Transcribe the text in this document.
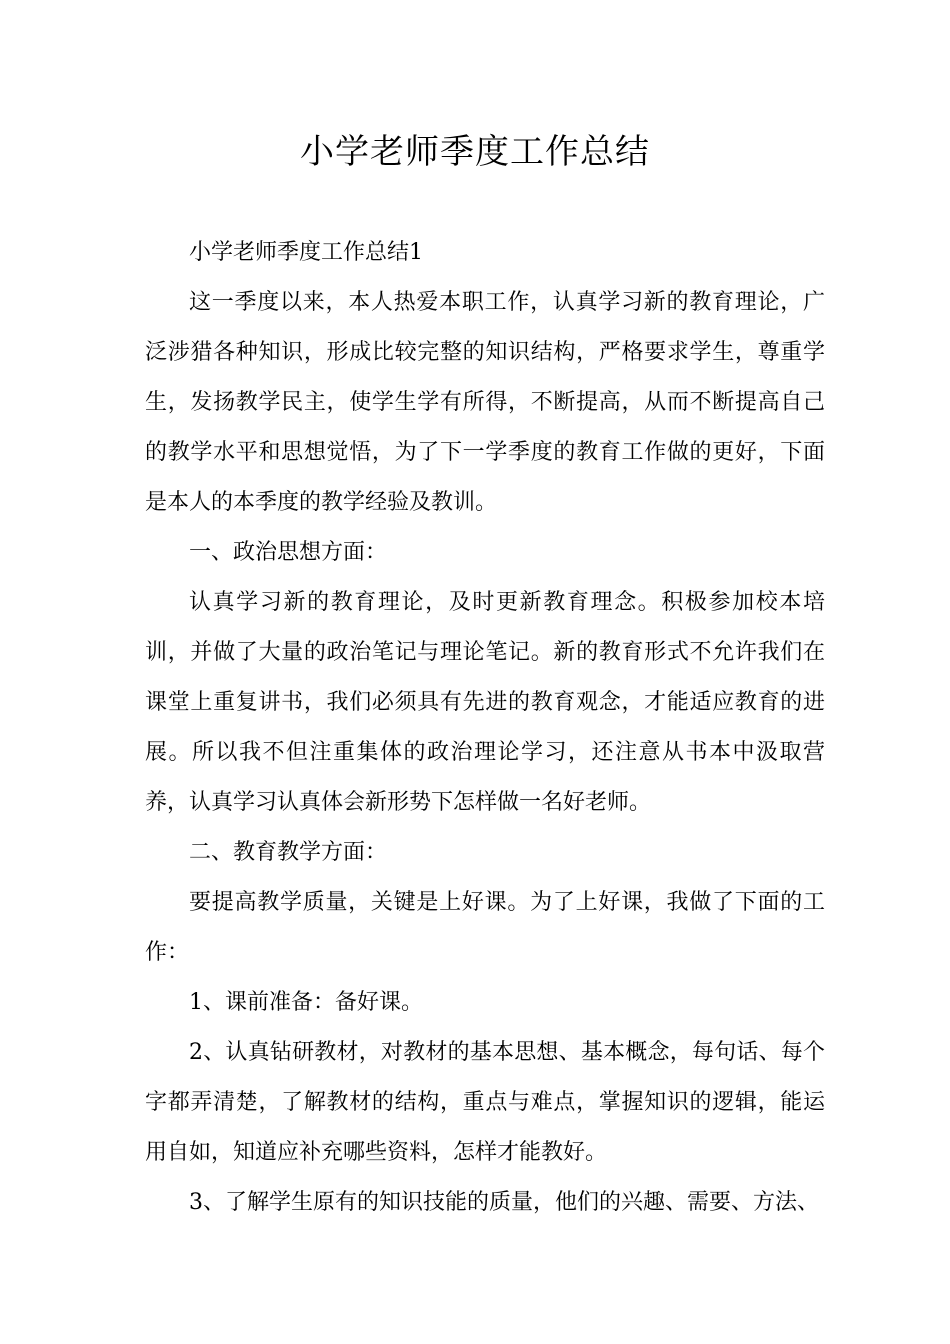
小学老师季度工作总结

小学老师季度工作总结1

这一季度以来，本人热爱本职工作，认真学习新的教育理论，广泛涉猎各种知识，形成比较完整的知识结构，严格要求学生，尊重学生，发扬教学民主，使学生学有所得，不断提高，从而不断提高自己的教学水平和思想觉悟，为了下一学季度的教育工作做的更好，下面是本人的本季度的教学经验及教训。

一、政治思想方面：

认真学习新的教育理论，及时更新教育理念。积极参加校本培训，并做了大量的政治笔记与理论笔记。新的教育形式不允许我们在课堂上重复讲书，我们必须具有先进的教育观念，才能适应教育的进展。所以我不但注重集体的政治理论学习，还注意从书本中汲取营养，认真学习认真体会新形势下怎样做一名好老师。

二、教育教学方面：

要提高教学质量，关键是上好课。为了上好课，我做了下面的工作：

1、课前准备：备好课。

2、认真钻研教材，对教材的基本思想、基本概念，每句话、每个字都弄清楚，了解教材的结构，重点与难点，掌握知识的逻辑，能运用自如，知道应补充哪些资料，怎样才能教好。

3、了解学生原有的知识技能的质量，他们的兴趣、需要、方法、
